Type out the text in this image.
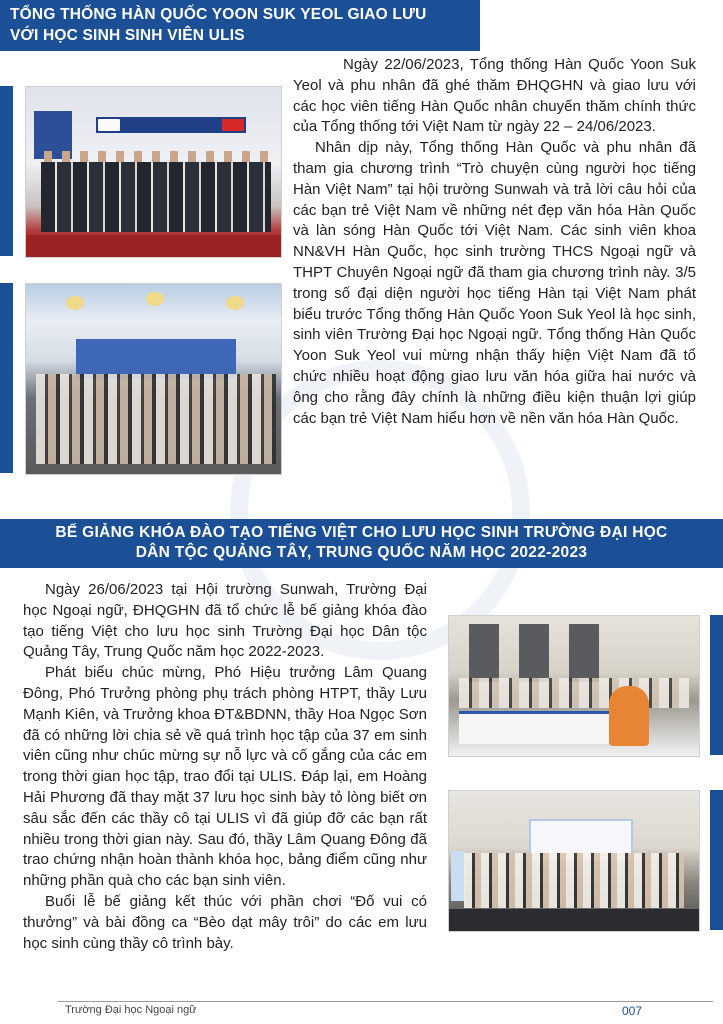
TỔNG THỐNG HÀN QUỐC YOON SUK YEOL GIAO LƯU
VỚI HỌC SINH SINH VIÊN ULIS

Ngày 22/06/2023, Tổng thống Hàn Quốc Yoon Suk Yeol và phu nhân đã ghé thăm ĐHQGHN và giao lưu với các học viên tiếng Hàn Quốc nhân chuyến thăm chính thức của Tổng thống tới Việt Nam từ ngày 22 – 24/06/2023.

Nhân dịp này, Tổng thống Hàn Quốc và phu nhân đã tham gia chương trình “Trò chuyện cùng người học tiếng Hàn Việt Nam” tại hội trường Sunwah và trả lời câu hỏi của các bạn trẻ Việt Nam về những nét đẹp văn hóa Hàn Quốc và làn sóng Hàn Quốc tới Việt Nam. Các sinh viên khoa NN&VH Hàn Quốc, học sinh trường THCS Ngoại ngữ và THPT Chuyên Ngoại ngữ đã tham gia chương trình này. 3/5 trong số đại diện người học tiếng Hàn tại Việt Nam phát biểu trước Tổng thống Hàn Quốc Yoon Suk Yeol là học sinh, sinh viên Trường Đại học Ngoại ngữ. Tổng thống Hàn Quốc Yoon Suk Yeol vui mừng nhận thấy hiện Việt Nam đã tổ chức nhiều hoạt động giao lưu văn hóa giữa hai nước và ông cho rằng đây chính là những điều kiện thuận lợi giúp các bạn trẻ Việt Nam hiểu hơn về nền văn hóa Hàn Quốc.

BẾ GIẢNG KHÓA ĐÀO TẠO TIẾNG VIỆT CHO LƯU HỌC SINH TRƯỜNG ĐẠI HỌC
DÂN TỘC QUẢNG TÂY, TRUNG QUỐC NĂM HỌC 2022-2023

Ngày 26/06/2023 tại Hội trường Sunwah, Trường Đại học Ngoại ngữ, ĐHQGHN đã tổ chức lễ bế giảng khóa đào tạo tiếng Việt cho lưu học sinh Trường Đại học Dân tộc Quảng Tây, Trung Quốc năm học 2022-2023.

Phát biểu chúc mừng, Phó Hiệu trưởng Lâm Quang Đông, Phó Trưởng phòng phụ trách phòng HTPT, thầy Lưu Mạnh Kiên, và Trưởng khoa ĐT&BDNN, thầy Hoa Ngọc Sơn đã có những lời chia sẻ về quá trình học tập của 37 em sinh viên cũng như chúc mừng sự nỗ lực và cố gắng của các em trong thời gian học tập, trao đổi tại ULIS. Đáp lại, em Hoàng Hải Phương đã thay mặt 37 lưu học sinh bày tỏ lòng biết ơn sâu sắc đến các thầy cô tại ULIS vì đã giúp đỡ các bạn rất nhiều trong thời gian này. Sau đó, thầy Lâm Quang Đông đã trao chứng nhận hoàn thành khóa học, bảng điểm cũng như những phần quà cho các bạn sinh viên.

Buổi lễ bế giảng kết thúc với phần chơi “Đố vui có thưởng” và bài đồng ca “Bèo dạt mây trôi” do các em lưu học sinh cùng thầy cô trình bày.

Trường Đại học Ngoại ngữ	007
